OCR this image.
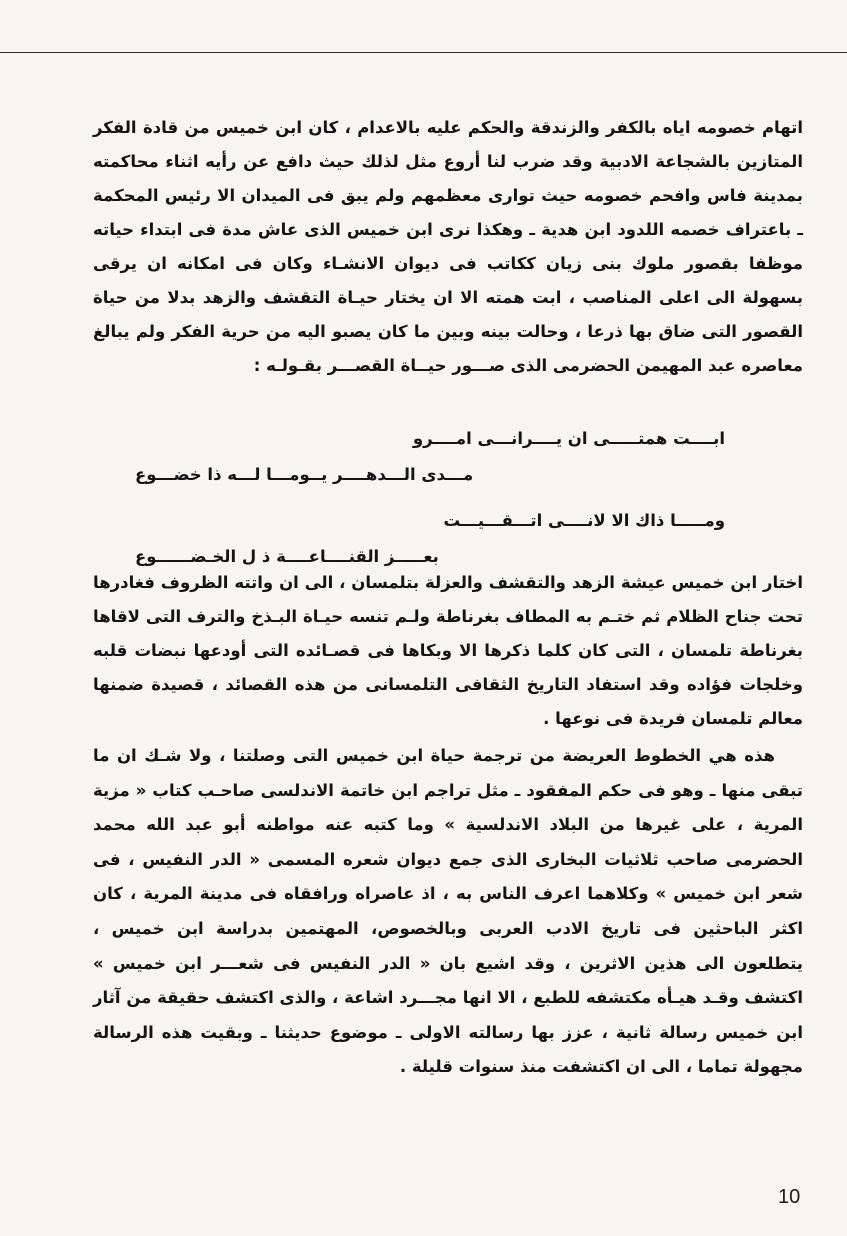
اتهام خصومه اياه بالكفر والزندقة والحكم عليه بالاعدام ، كان ابن خميس من قادة الفكر المتازين بالشجاعة الادبية وقد ضرب لنا أروع مثل لذلك حيث دافع عن رأيه اثناء محاكمته بمدينة فاس وافحم خصومه حيث توارى معظمهم ولم يبق فى الميدان الا رئيس المحكمة ـ باعتراف خصمه اللدود ابن هدية ـ وهكذا نرى ابن خميس الذى عاش مدة فى ابتداء حياته موظفا بقصور ملوك بنى زيان ككاتب فى ديوان الانشـاء وكان فى امكانه ان يرقى بسهولة الى اعلى المناصب ، ابت همته الا ان يختار حيـاة التقشف والزهد بدلا من حياة القصور التى ضاق بها ذرعا ، وحالت بينه وبين ما كان يصبو اليه من حرية الفكر ولم يبالغ معاصره عبد المهيمن الحضرمى الذى صـــور حيــاة القصـــر بقـولـه :

ابــــت همتـــــى ان يــــرانـــى امــــرو
مـــدى الـــدهــــر يــومـــا لـــه ذا خضـــوع
ومـــــا ذاك الا لانــــى اتـــقـــيـــت
بعـــــز القنــــاعــــة ذ ل الخـضــــــوع

اختار ابن خميس عيشة الزهد والتقشف والعزلة بتلمسان ، الى ان واتته الظروف فغادرها تحت جناح الظلام ثم ختـم به المطاف بغرناطة ولـم تنسه حيـاة البـذخ والترف التى لاقاها بغرناطة تلمسان ، التى كان كلما ذكرها الا وبكاها فى قصـائده التى أودعها نبضات قلبه وخلجات فؤاده وقد استفاد التاريخ الثقافى التلمسانى من هذه القصائد ، قصيدة ضمنها معالم تلمسان فريدة فى نوعها .

هذه هي الخطوط العريضة من ترجمة حياة ابن خميس التى وصلتنا ، ولا شـك ان ما تبقى منها ـ وهو فى حكم المفقود ـ مثل تراجم ابن خاتمة الاندلسى صاحـب كتاب « مزية المرية ، على غيرها من البلاد الاندلسية » وما كتبه عنه مواطنه أبو عبد الله محمد الحضرمى صاحب ثلاثيات البخارى الذى جمع ديوان شعره المسمى « الدر النفيس ، فى شعر ابن خميس » وكلاهما اعرف الناس به ، اذ عاصراه ورافقاه فى مدينة المرية ، كان اكثر الباحثين فى تاريخ الادب العربى وبالخصوص، المهتمين بدراسة ابن خميس ، يتطلعون الى هذين الاثرين ، وقد اشيع بان « الدر النفيس فى شعـــر ابن خميس » اكتشف وقـد هيـأه مكتشفه للطبع ، الا انها مجـــرد اشاعة ، والذى اكتشف حقيقة من آثار ابن خميس رسالة ثانية ، عزز بها رسالته الاولى ـ موضوع حديثنا ـ وبقيت هذه الرسالة مجهولة تماما ، الى ان اكتشفت منذ سنوات قليلة .

10
